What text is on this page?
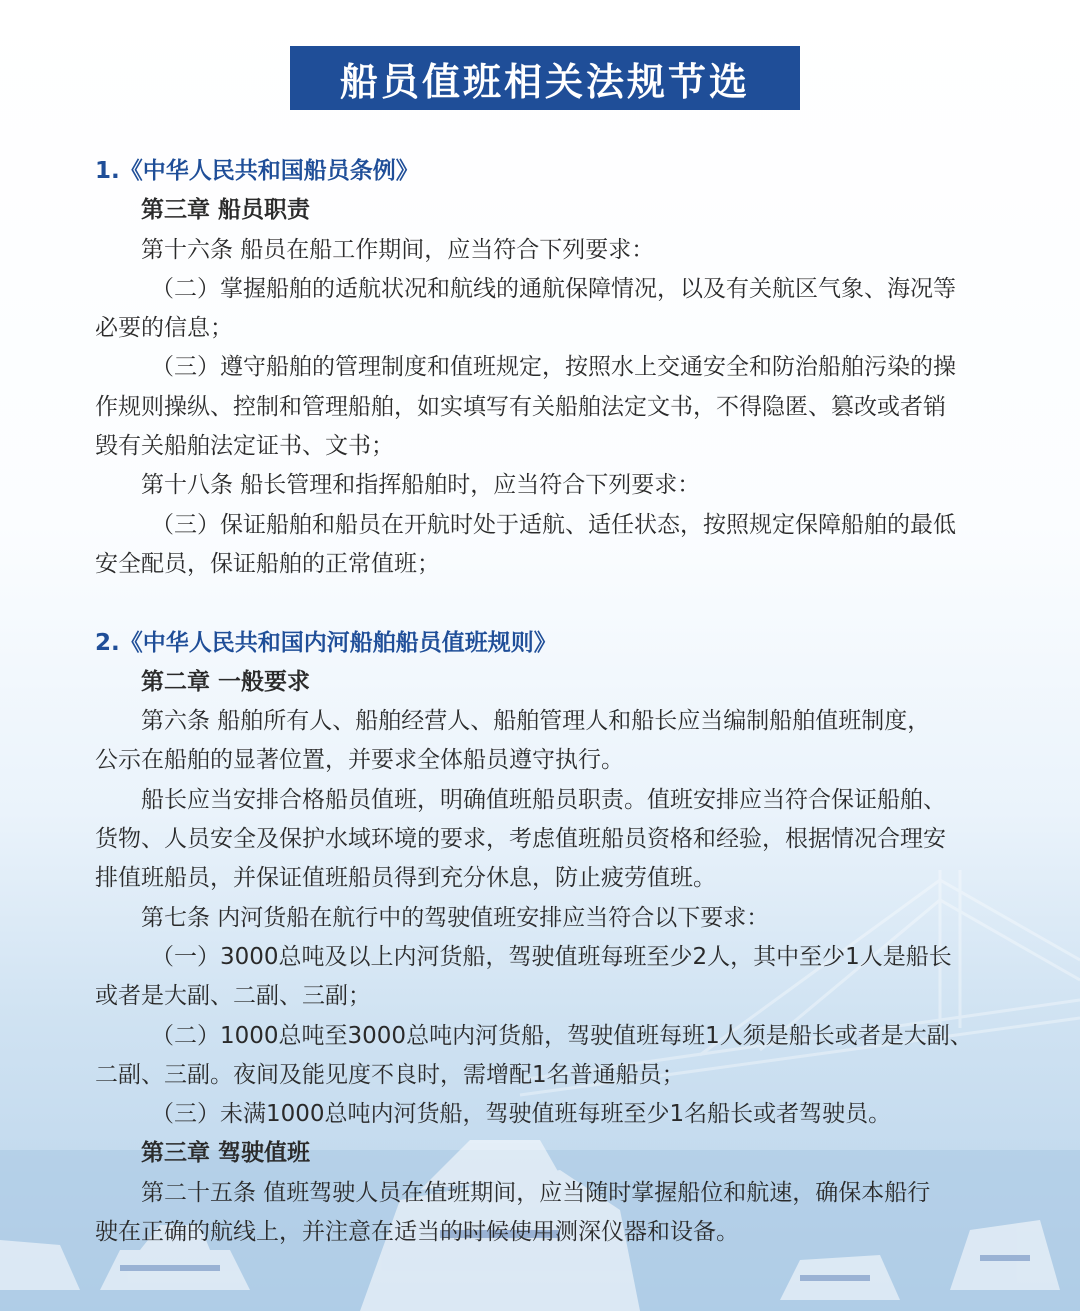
船员值班相关法规节选
1.《中华人民共和国船员条例》
第三章 船员职责
第十六条 船员在船工作期间，应当符合下列要求：
（二）掌握船舶的适航状况和航线的通航保障情况，以及有关航区气象、海况等
必要的信息；
（三）遵守船舶的管理制度和值班规定，按照水上交通安全和防治船舶污染的操
作规则操纵、控制和管理船舶，如实填写有关船舶法定文书，不得隐匿、篡改或者销
毁有关船舶法定证书、文书；
第十八条 船长管理和指挥船舶时，应当符合下列要求：
（三）保证船舶和船员在开航时处于适航、适任状态，按照规定保障船舶的最低
安全配员，保证船舶的正常值班；
2.《中华人民共和国内河船舶船员值班规则》
第二章 一般要求
第六条 船舶所有人、船舶经营人、船舶管理人和船长应当编制船舶值班制度，
公示在船舶的显著位置，并要求全体船员遵守执行。
船长应当安排合格船员值班，明确值班船员职责。值班安排应当符合保证船舶、
货物、人员安全及保护水域环境的要求，考虑值班船员资格和经验，根据情况合理安
排值班船员，并保证值班船员得到充分休息，防止疲劳值班。
第七条 内河货船在航行中的驾驶值班安排应当符合以下要求：
（一）3000总吨及以上内河货船，驾驶值班每班至少2人，其中至少1人是船长
或者是大副、二副、三副；
（二）1000总吨至3000总吨内河货船，驾驶值班每班1人须是船长或者是大副、
二副、三副。夜间及能见度不良时，需增配1名普通船员；
（三）未满1000总吨内河货船，驾驶值班每班至少1名船长或者驾驶员。
第三章 驾驶值班
第二十五条 值班驾驶人员在值班期间，应当随时掌握船位和航速，确保本船行
驶在正确的航线上，并注意在适当的时候使用测深仪器和设备。
